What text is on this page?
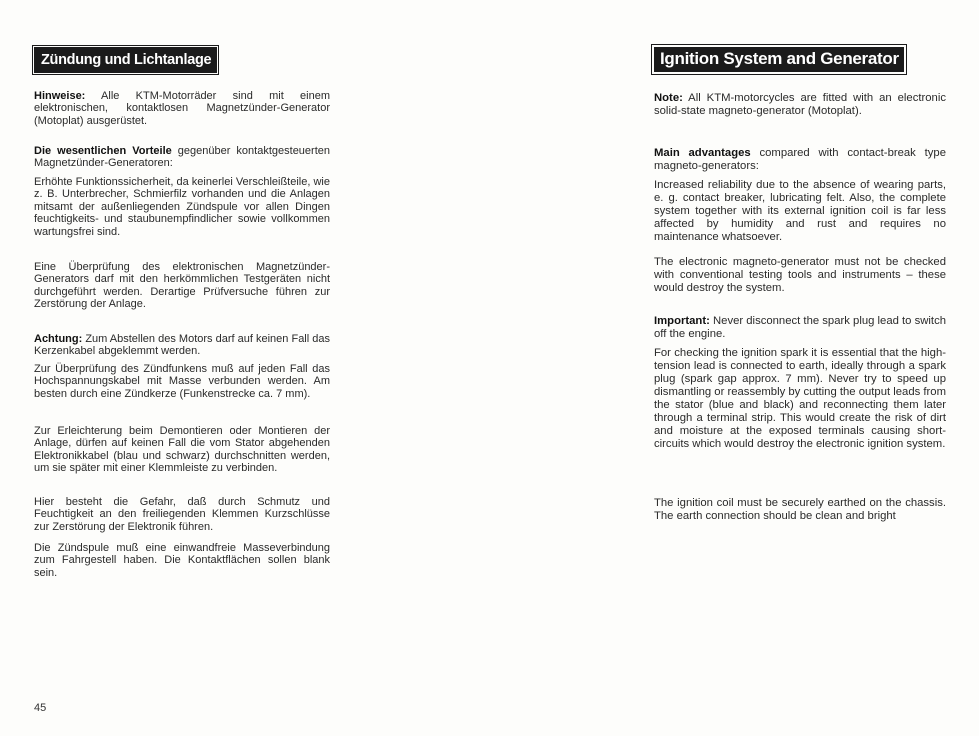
Zündung und Lichtanlage

Hinweise: Alle KTM-Motorräder sind mit einem elektronischen, kontaktlosen Magnetzünder-Generator (Motoplat) ausgerüstet.

Die wesentlichen Vorteile gegenüber kontaktgesteuerten Magnetzünder-Generatoren:

Erhöhte Funktionssicherheit, da keinerlei Verschleißteile, wie z. B. Unterbrecher, Schmierfilz vorhanden und die Anlagen mitsamt der außenliegenden Zündspule vor allen Dingen feuchtigkeits- und staubunempfindlicher sowie vollkommen wartungsfrei sind.

Eine Überprüfung des elektronischen Magnetzünder-Generators darf mit den herkömmlichen Testgeräten nicht durchgeführt werden. Derartige Prüfversuche führen zur Zerstörung der Anlage.

Achtung: Zum Abstellen des Motors darf auf keinen Fall das Kerzenkabel abgeklemmt werden.

Zur Überprüfung des Zündfunkens muß auf jeden Fall das Hochspannungskabel mit Masse verbunden werden. Am besten durch eine Zündkerze (Funkenstrecke ca. 7 mm).

Zur Erleichterung beim Demontieren oder Montieren der Anlage, dürfen auf keinen Fall die vom Stator abgehenden Elektronikkabel (blau und schwarz) durchschnitten werden, um sie später mit einer Klemmleiste zu verbinden.

Hier besteht die Gefahr, daß durch Schmutz und Feuchtigkeit an den freiliegenden Klemmen Kurzschlüsse zur Zerstörung der Elektronik führen.

Die Zündspule muß eine einwandfreie Masseverbindung zum Fahrgestell haben. Die Kontaktflächen sollen blank sein.

45
Ignition System and Generator

Note: All KTM-motorcycles are fitted with an electronic solid-state magneto-generator (Motoplat).

Main advantages compared with contact-break type magneto-generators:

Increased reliability due to the absence of wearing parts, e. g. contact breaker, lubricating felt. Also, the complete system together with its external ignition coil is far less affected by humidity and rust and requires no maintenance whatsoever.

The electronic magneto-generator must not be checked with conventional testing tools and instruments – these would destroy the system.

Important: Never disconnect the spark plug lead to switch off the engine.

For checking the ignition spark it is essential that the high-tension lead is connected to earth, ideally through a spark plug (spark gap approx. 7 mm). Never try to speed up dismantling or reassembly by cutting the output leads from the stator (blue and black) and reconnecting them later through a terminal strip. This would create the risk of dirt and moisture at the exposed terminals causing short-circuits which would destroy the electronic ignition system.

The ignition coil must be securely earthed on the chassis. The earth connection should be clean and bright
